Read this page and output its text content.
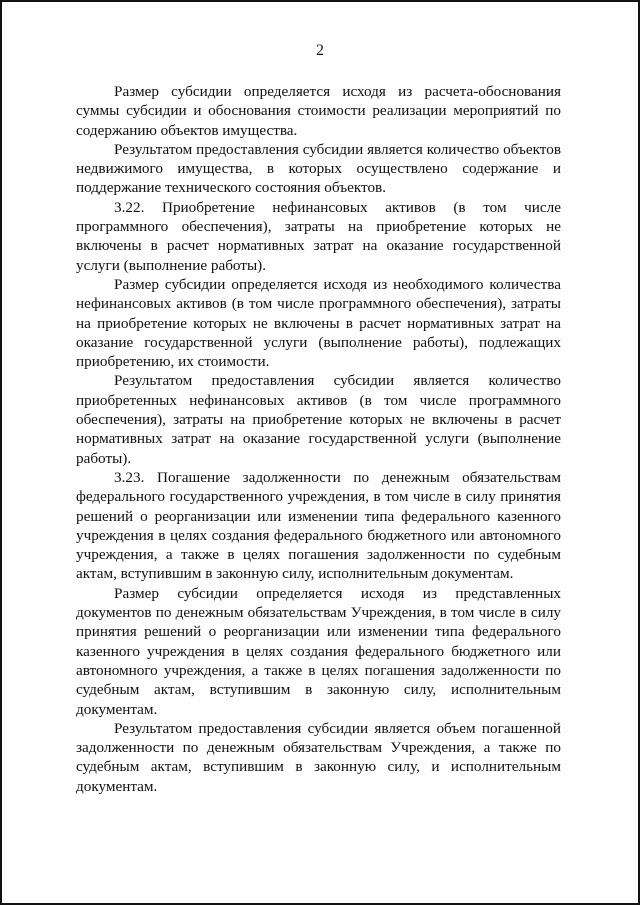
2

Размер субсидии определяется исходя из расчета-обоснования суммы субсидии и обоснования стоимости реализации мероприятий по содержанию объектов имущества.

Результатом предоставления субсидии является количество объектов недвижимого имущества, в которых осуществлено содержание и поддержание технического состояния объектов.

3.22. Приобретение нефинансовых активов (в том числе программного обеспечения), затраты на приобретение которых не включены в расчет нормативных затрат на оказание государственной услуги (выполнение работы).

Размер субсидии определяется исходя из необходимого количества нефинансовых активов (в том числе программного обеспечения), затраты на приобретение которых не включены в расчет нормативных затрат на оказание государственной услуги (выполнение работы), подлежащих приобретению, их стоимости.

Результатом предоставления субсидии является количество приобретенных нефинансовых активов (в том числе программного обеспечения), затраты на приобретение которых не включены в расчет нормативных затрат на оказание государственной услуги (выполнение работы).

3.23. Погашение задолженности по денежным обязательствам федерального государственного учреждения, в том числе в силу принятия решений о реорганизации или изменении типа федерального казенного учреждения в целях создания федерального бюджетного или автономного учреждения, а также в целях погашения задолженности по судебным актам, вступившим в законную силу, исполнительным документам.

Размер субсидии определяется исходя из представленных документов по денежным обязательствам Учреждения, в том числе в силу принятия решений о реорганизации или изменении типа федерального казенного учреждения в целях создания федерального бюджетного или автономного учреждения, а также в целях погашения задолженности по судебным актам, вступившим в законную силу, исполнительным документам.

Результатом предоставления субсидии является объем погашенной задолженности по денежным обязательствам Учреждения, а также по судебным актам, вступившим в законную силу, и исполнительным документам.
